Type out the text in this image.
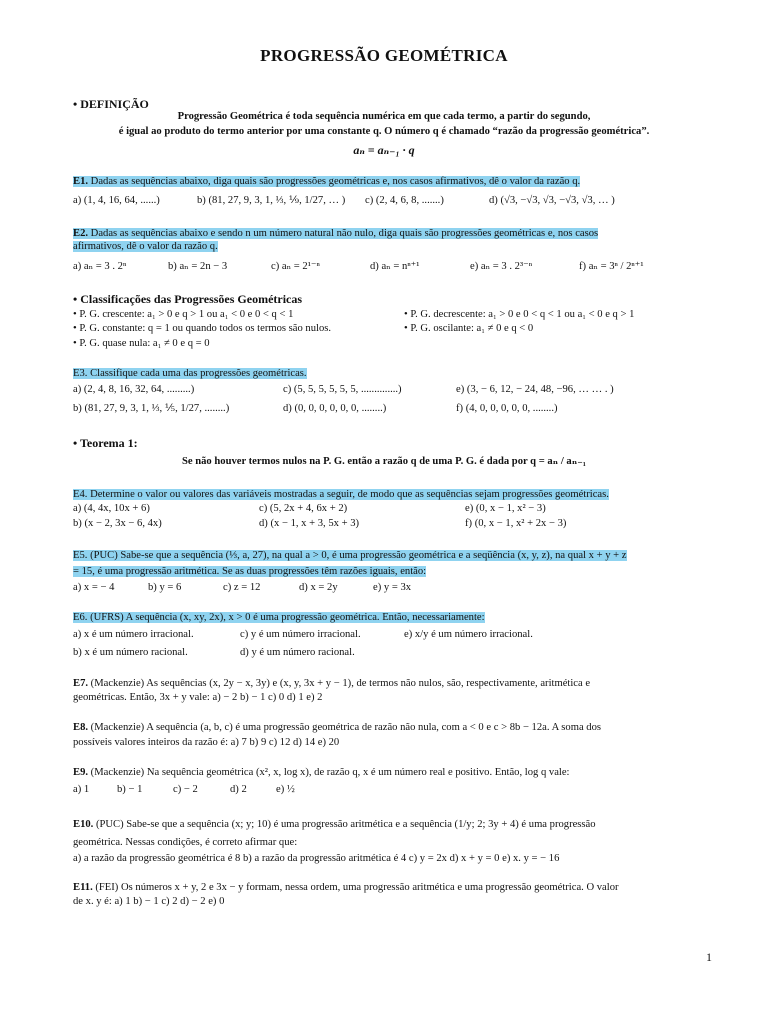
PROGRESSÃO GEOMÉTRICA
• DEFINIÇÃO
Progressão Geométrica é toda sequência numérica em que cada termo, a partir do segundo,
é igual ao produto do termo anterior por uma constante q. O número q é chamado “razão da progressão geométrica”.
aₙ = aₙ₋₁ · q
E1. Dadas as sequências abaixo, diga quais são progressões geométricas e, nos casos afirmativos, dê o valor da razão q.
a) (1, 4, 16, 64, ......)	b) (81, 27, 9, 3, 1, ⅓, ⅑, 1/27, … ) c) (2, 4, 6, 8, .......)	d) (√3, −√3, √3, −√3, √3, … )
E2. Dadas as sequências abaixo e sendo n um número natural não nulo, diga quais são progressões geométricas e, nos casos
afirmativos, dê o valor da razão q.
a) aₙ = 3 . 2ⁿ	b) aₙ = 2n − 3	c) aₙ = 2¹⁻ⁿ	d) aₙ = nⁿ⁺¹	e) aₙ = 3 . 2³⁻ⁿ	f) aₙ = 3ⁿ / 2ⁿ⁺¹
• Classificações das Progressões Geométricas
• P. G. crescente: a₁ > 0 e q > 1 ou a₁ < 0 e 0 < q < 1	• P. G. decrescente: a₁ > 0 e 0 < q < 1 ou a₁ < 0 e q > 1
• P. G. constante: q = 1 ou quando todos os termos são nulos.	• P. G. oscilante: a₁ ≠ 0 e q < 0
• P. G. quase nula: a₁ ≠ 0 e q = 0
E3. Classifique cada uma das progressões geométricas.
a) (2, 4, 8, 16, 32, 64, .........)	c) (5, 5, 5, 5, 5, 5, ..............)	e) (3, − 6, 12, − 24, 48, −96, … … . )
b) (81, 27, 9, 3, 1, ⅓, ⅕, 1/27, ........)	d) (0, 0, 0, 0, 0, 0, ........)	f) (4, 0, 0, 0, 0, 0, ........)
• Teorema 1:
Se não houver termos nulos na P. G. então a razão q de uma P. G. é dada por q = aₙ / aₙ₋₁
E4. Determine o valor ou valores das variáveis mostradas a seguir, de modo que as sequências sejam progressões geométricas.
a) (4, 4x, 10x + 6)	c) (5, 2x + 4, 6x + 2)	e) (0, x − 1, x² − 3)
b) (x − 2, 3x − 6, 4x)	d) (x − 1, x + 3, 5x + 3)	f) (0, x − 1, x² + 2x − 3)
E5. (PUC) Sabe-se que a sequência (⅓, a, 27), na qual a > 0, é uma progressão geométrica e a seqüência (x, y, z), na qual x + y + z
= 15, é uma progressão aritmética. Se as duas progressões têm razões iguais, então:
a) x = − 4	b) y = 6	c) z = 12	d) x = 2y	e) y = 3x
E6. (UFRS) A sequência (x, xy, 2x), x > 0 é uma progressão geométrica. Então, necessariamente:
a) x é um número irracional.	c) y é um número irracional.	e) x/y é um número irracional.
b) x é um número racional.	d) y é um número racional.
E7. (Mackenzie) As sequências (x, 2y − x, 3y) e (x, y, 3x + y − 1), de termos não nulos, são, respectivamente, aritmética e
geométricas. Então, 3x + y vale: a) − 2 b) − 1 c) 0 d) 1 e) 2
E8. (Mackenzie) A sequência (a, b, c) é uma progressão geométrica de razão não nula, com a < 0 e c > 8b − 12a. A soma dos
possíveis valores inteiros da razão é: a) 7 b) 9 c) 12 d) 14 e) 20
E9. (Mackenzie) Na sequência geométrica (x², x, log x), de razão q, x é um número real e positivo. Então, log q vale:
a) 1	b) − 1	c) − 2	d) 2	e) ½
E10. (PUC) Sabe-se que a sequência (x; y; 10) é uma progressão aritmética e a sequência (1/y; 2; 3y + 4) é uma progressão
geométrica. Nessas condições, é correto afirmar que:
a) a razão da progressão geométrica é 8 b) a razão da progressão aritmética é 4 c) y = 2x d) x + y = 0 e) x. y = − 16
E11. (FEI) Os números x + y, 2 e 3x − y formam, nessa ordem, uma progressão aritmética e uma progressão geométrica. O valor
de x. y é: a) 1 b) − 1 c) 2 d) − 2 e) 0
1
